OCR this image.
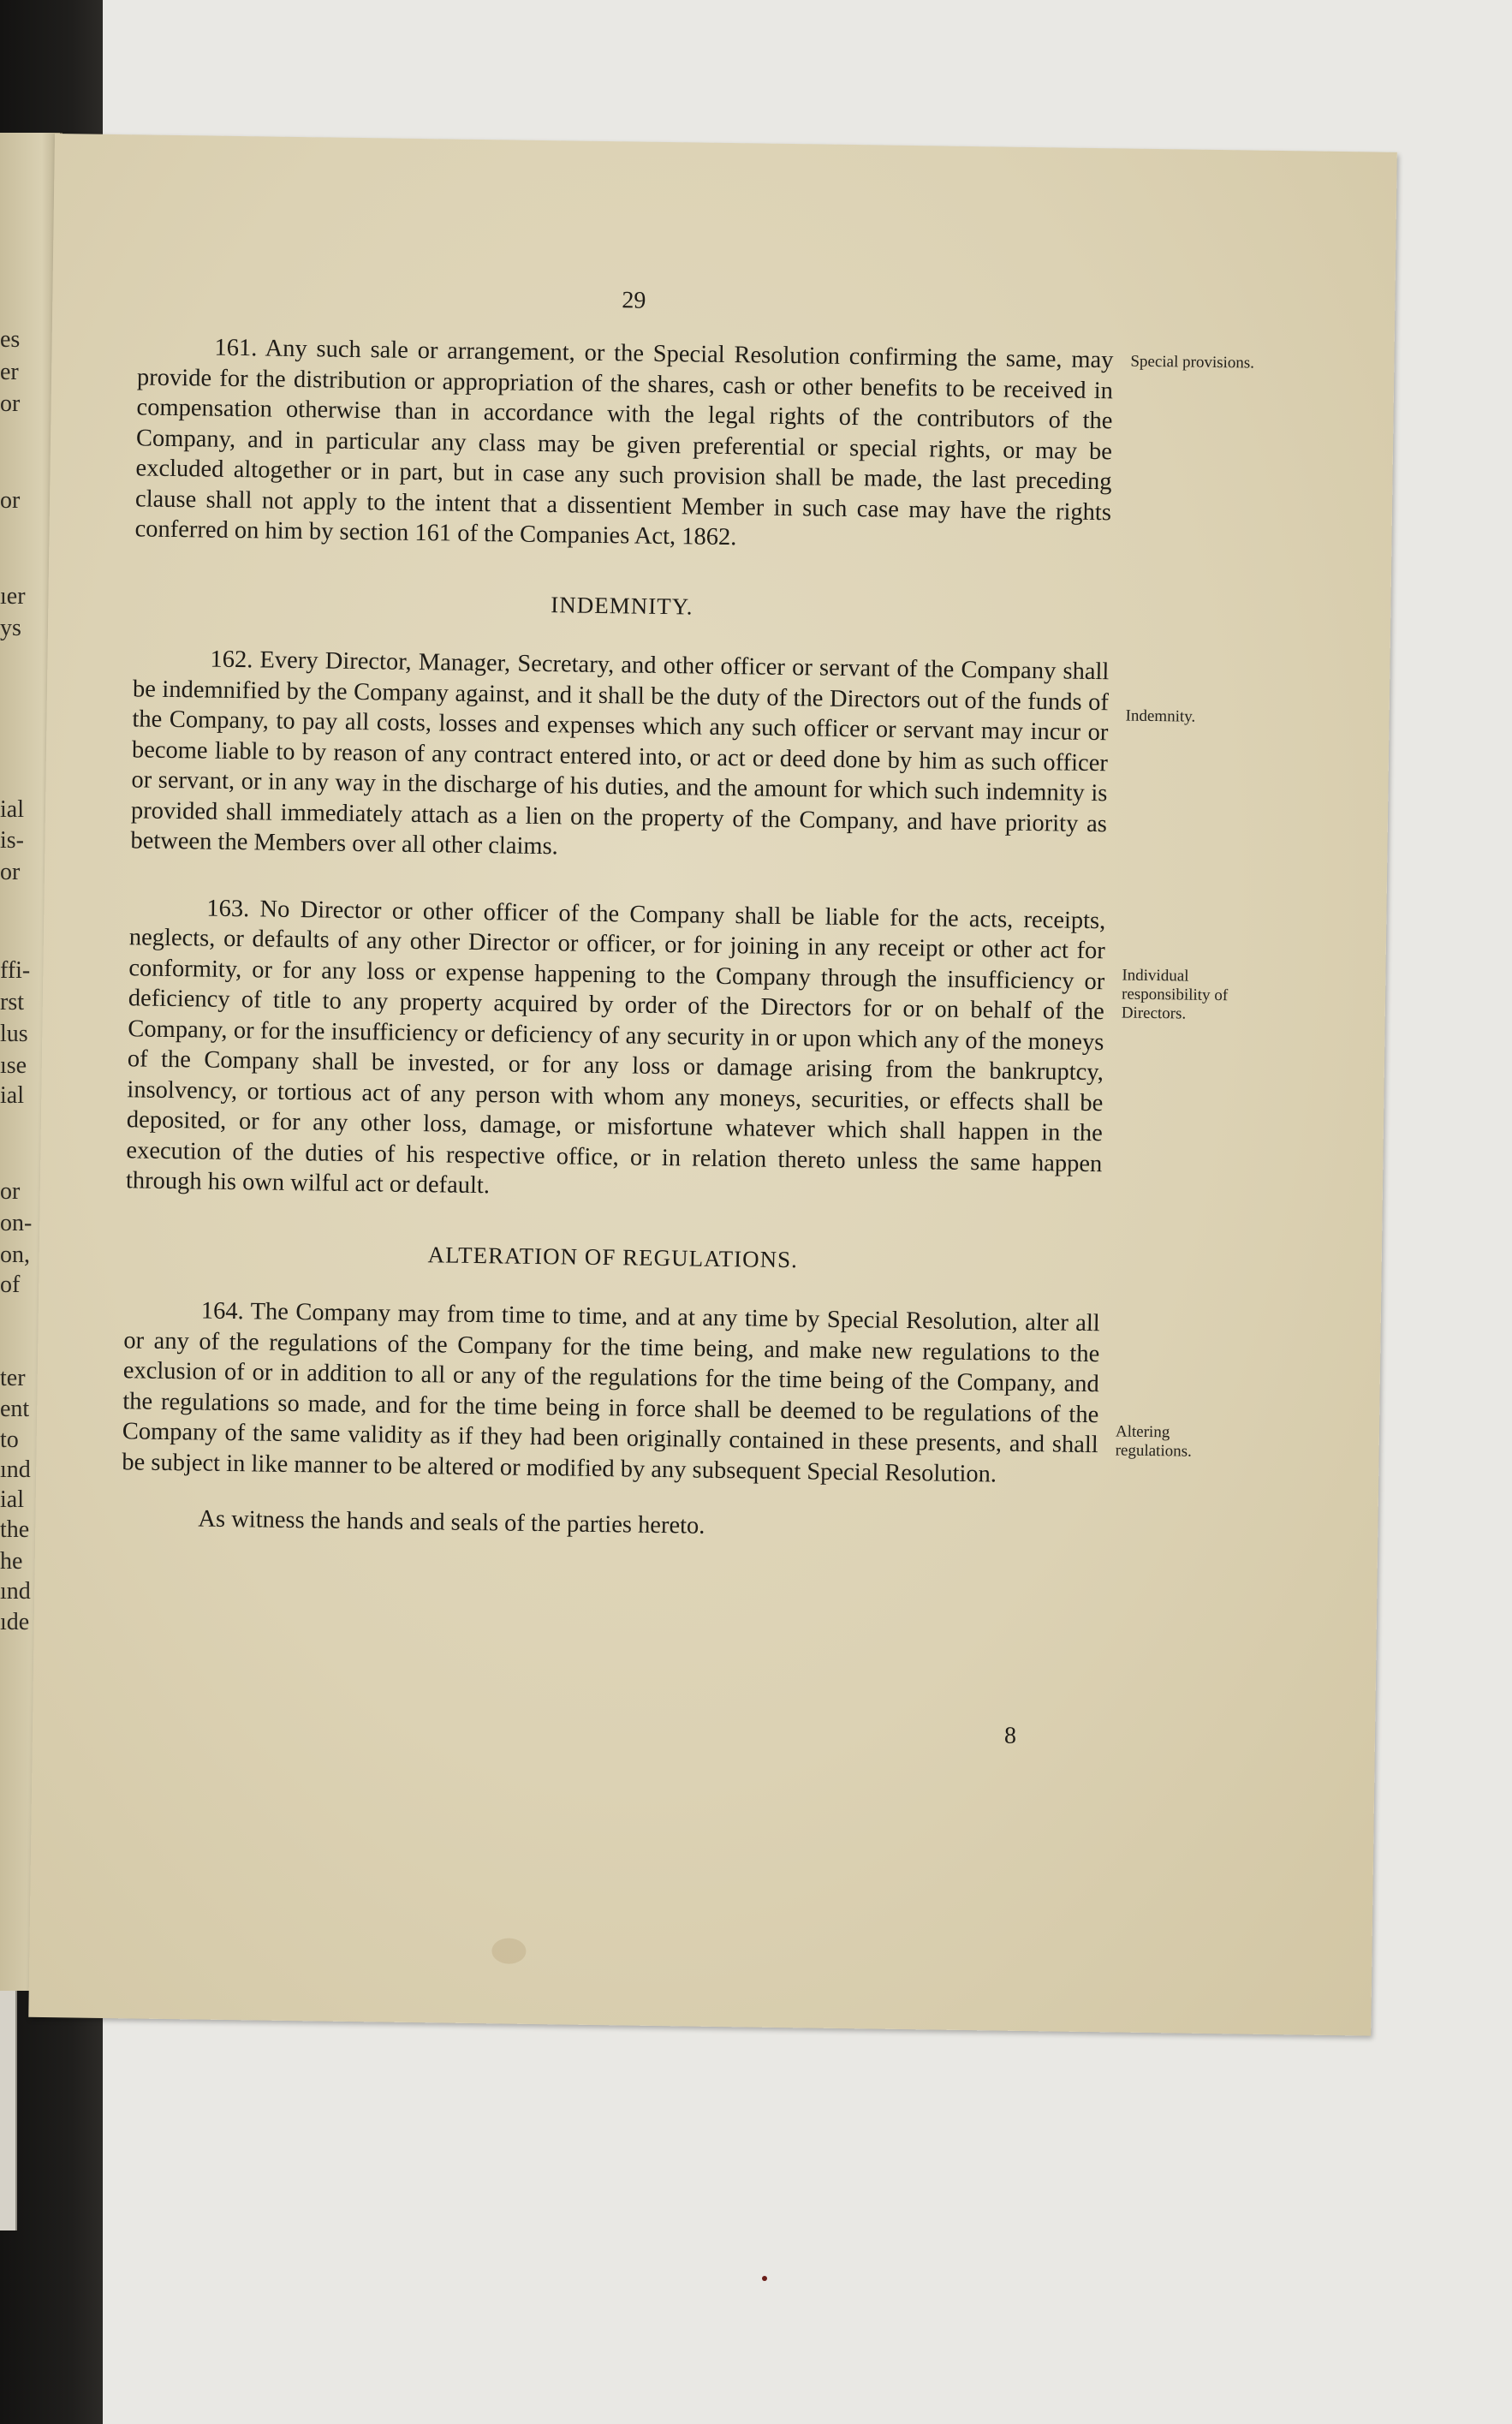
es
er
or
or
ıer
ys
ial
is-
or
ffi-
rst
lus
ıse
ial
or
on-
on,
of
ter
ent
to
ınd
ial
the
he
ınd
ıde
29

161. Any such sale or arrangement, or the Special Resolution confirming the same, may provide for the distribution or appropriation of the shares, cash or other benefits to be received in compensation otherwise than in accordance with the legal rights of the contributors of the Company, and in particular any class may be given preferential or special rights, or may be excluded altogether or in part, but in case any such provision shall be made, the last preceding clause shall not apply to the intent that a dissentient Member in such case may have the rights conferred on him by section 161 of the Companies Act, 1862.

INDEMNITY.

162. Every Director, Manager, Secretary, and other officer or servant of the Company shall be indemnified by the Company against, and it shall be the duty of the Directors out of the funds of the Company, to pay all costs, losses and expenses which any such officer or servant may incur or become liable to by reason of any contract entered into, or act or deed done by him as such officer or servant, or in any way in the discharge of his duties, and the amount for which such indemnity is provided shall immediately attach as a lien on the property of the Company, and have priority as between the Members over all other claims.

163. No Director or other officer of the Company shall be liable for the acts, receipts, neglects, or defaults of any other Director or officer, or for joining in any receipt or other act for conformity, or for any loss or expense happening to the Company through the insufficiency or deficiency of title to any property acquired by order of the Directors for or on behalf of the Company, or for the insufficiency or deficiency of any security in or upon which any of the moneys of the Company shall be invested, or for any loss or damage arising from the bankruptcy, insolvency, or tortious act of any person with whom any moneys, securities, or effects shall be deposited, or for any other loss, damage, or misfortune whatever which shall happen in the execution of the duties of his respective office, or in relation thereto unless the same happen through his own wilful act or default.

ALTERATION OF REGULATIONS.

164. The Company may from time to time, and at any time by Special Resolution, alter all or any of the regulations of the Company for the time being, and make new regulations to the exclusion of or in addition to all or any of the regulations for the time being of the Company, and the regulations so made, and for the time being in force shall be deemed to be regulations of the Company of the same validity as if they had been originally contained in these presents, and shall be subject in like manner to be altered or modified by any subsequent Special Resolution.

As witness the hands and seals of the parties hereto.

Special provisions.
Indemnity.
Individual responsibility of Directors.
Altering regulations.
8
